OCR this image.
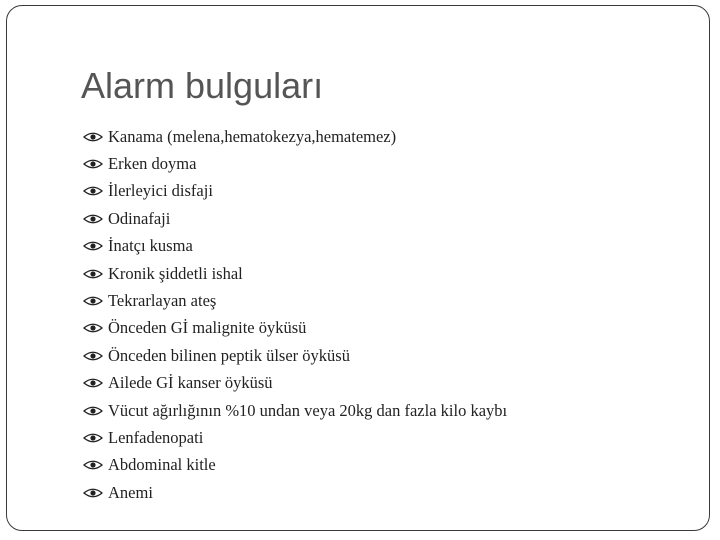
Alarm bulguları
Kanama (melena,hematokezya,hematemez)
Erken doyma
İlerleyici disfaji
Odinafaji
İnatçı kusma
Kronik şiddetli ishal
Tekrarlayan ateş
Önceden Gİ malignite öyküsü
Önceden bilinen peptik ülser öyküsü
Ailede Gİ kanser öyküsü
Vücut ağırlığının %10 undan veya 20kg dan fazla kilo kaybı
Lenfadenopati
Abdominal kitle
Anemi
